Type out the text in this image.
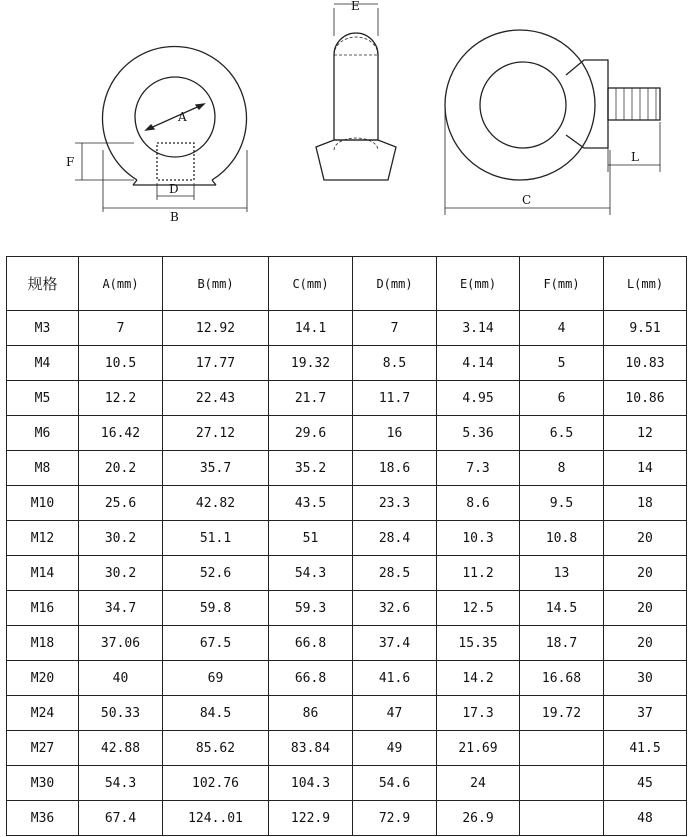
A
F
D
B
E
C
L
规格	A(mm)	B(mm)	C(mm)	D(mm)	E(mm)	F(mm)	L(mm)
M3	7	12.92	14.1	7	3.14	4	9.51
M4	10.5	17.77	19.32	8.5	4.14	5	10.83
M5	12.2	22.43	21.7	11.7	4.95	6	10.86
M6	16.42	27.12	29.6	16	5.36	6.5	12
M8	20.2	35.7	35.2	18.6	7.3	8	14
M10	25.6	42.82	43.5	23.3	8.6	9.5	18
M12	30.2	51.1	51	28.4	10.3	10.8	20
M14	30.2	52.6	54.3	28.5	11.2	13	20
M16	34.7	59.8	59.3	32.6	12.5	14.5	20
M18	37.06	67.5	66.8	37.4	15.35	18.7	20
M20	40	69	66.8	41.6	14.2	16.68	30
M24	50.33	84.5	86	47	17.3	19.72	37
M27	42.88	85.62	83.84	49	21.69		41.5
M30	54.3	102.76	104.3	54.6	24		45
M36	67.4	124..01	122.9	72.9	26.9		48
